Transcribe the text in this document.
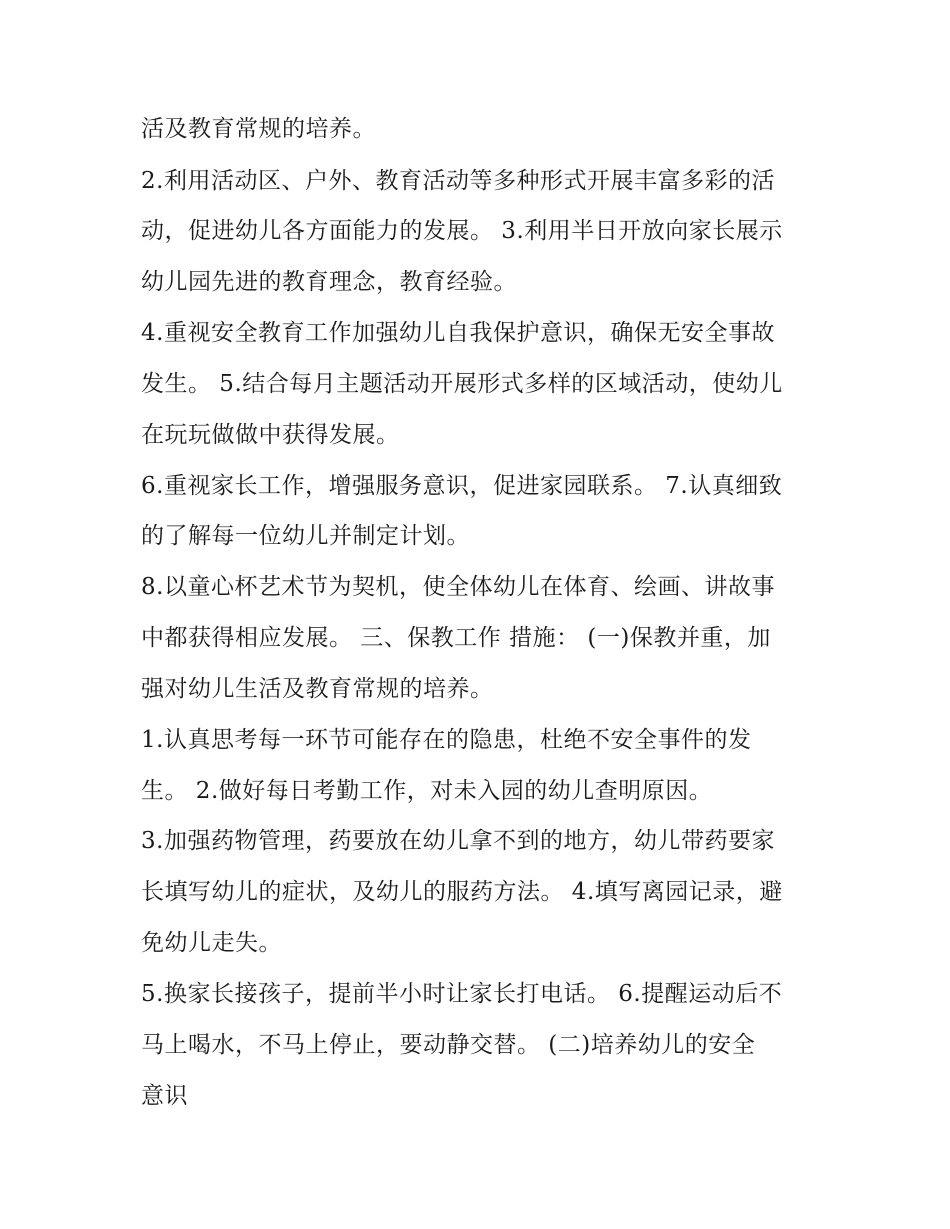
活及教育常规的培养。
2.利用活动区、户外、教育活动等多种形式开展丰富多彩的活
动，促进幼儿各方面能力的发展。 3.利用半日开放向家长展示
幼儿园先进的教育理念，教育经验。
4.重视安全教育工作加强幼儿自我保护意识，确保无安全事故
发生。 5.结合每月主题活动开展形式多样的区域活动，使幼儿
在玩玩做做中获得发展。
6.重视家长工作，增强服务意识，促进家园联系。 7.认真细致
的了解每一位幼儿并制定计划。
8.以童心杯艺术节为契机，使全体幼儿在体育、绘画、讲故事
中都获得相应发展。 三、保教工作 措施： (一)保教并重，加
强对幼儿生活及教育常规的培养。
1.认真思考每一环节可能存在的隐患，杜绝不安全事件的发
生。 2.做好每日考勤工作，对未入园的幼儿查明原因。
3.加强药物管理，药要放在幼儿拿不到的地方，幼儿带药要家
长填写幼儿的症状，及幼儿的服药方法。 4.填写离园记录，避
免幼儿走失。
5.换家长接孩子，提前半小时让家长打电话。 6.提醒运动后不
马上喝水，不马上停止，要动静交替。 (二)培养幼儿的安全
意识
